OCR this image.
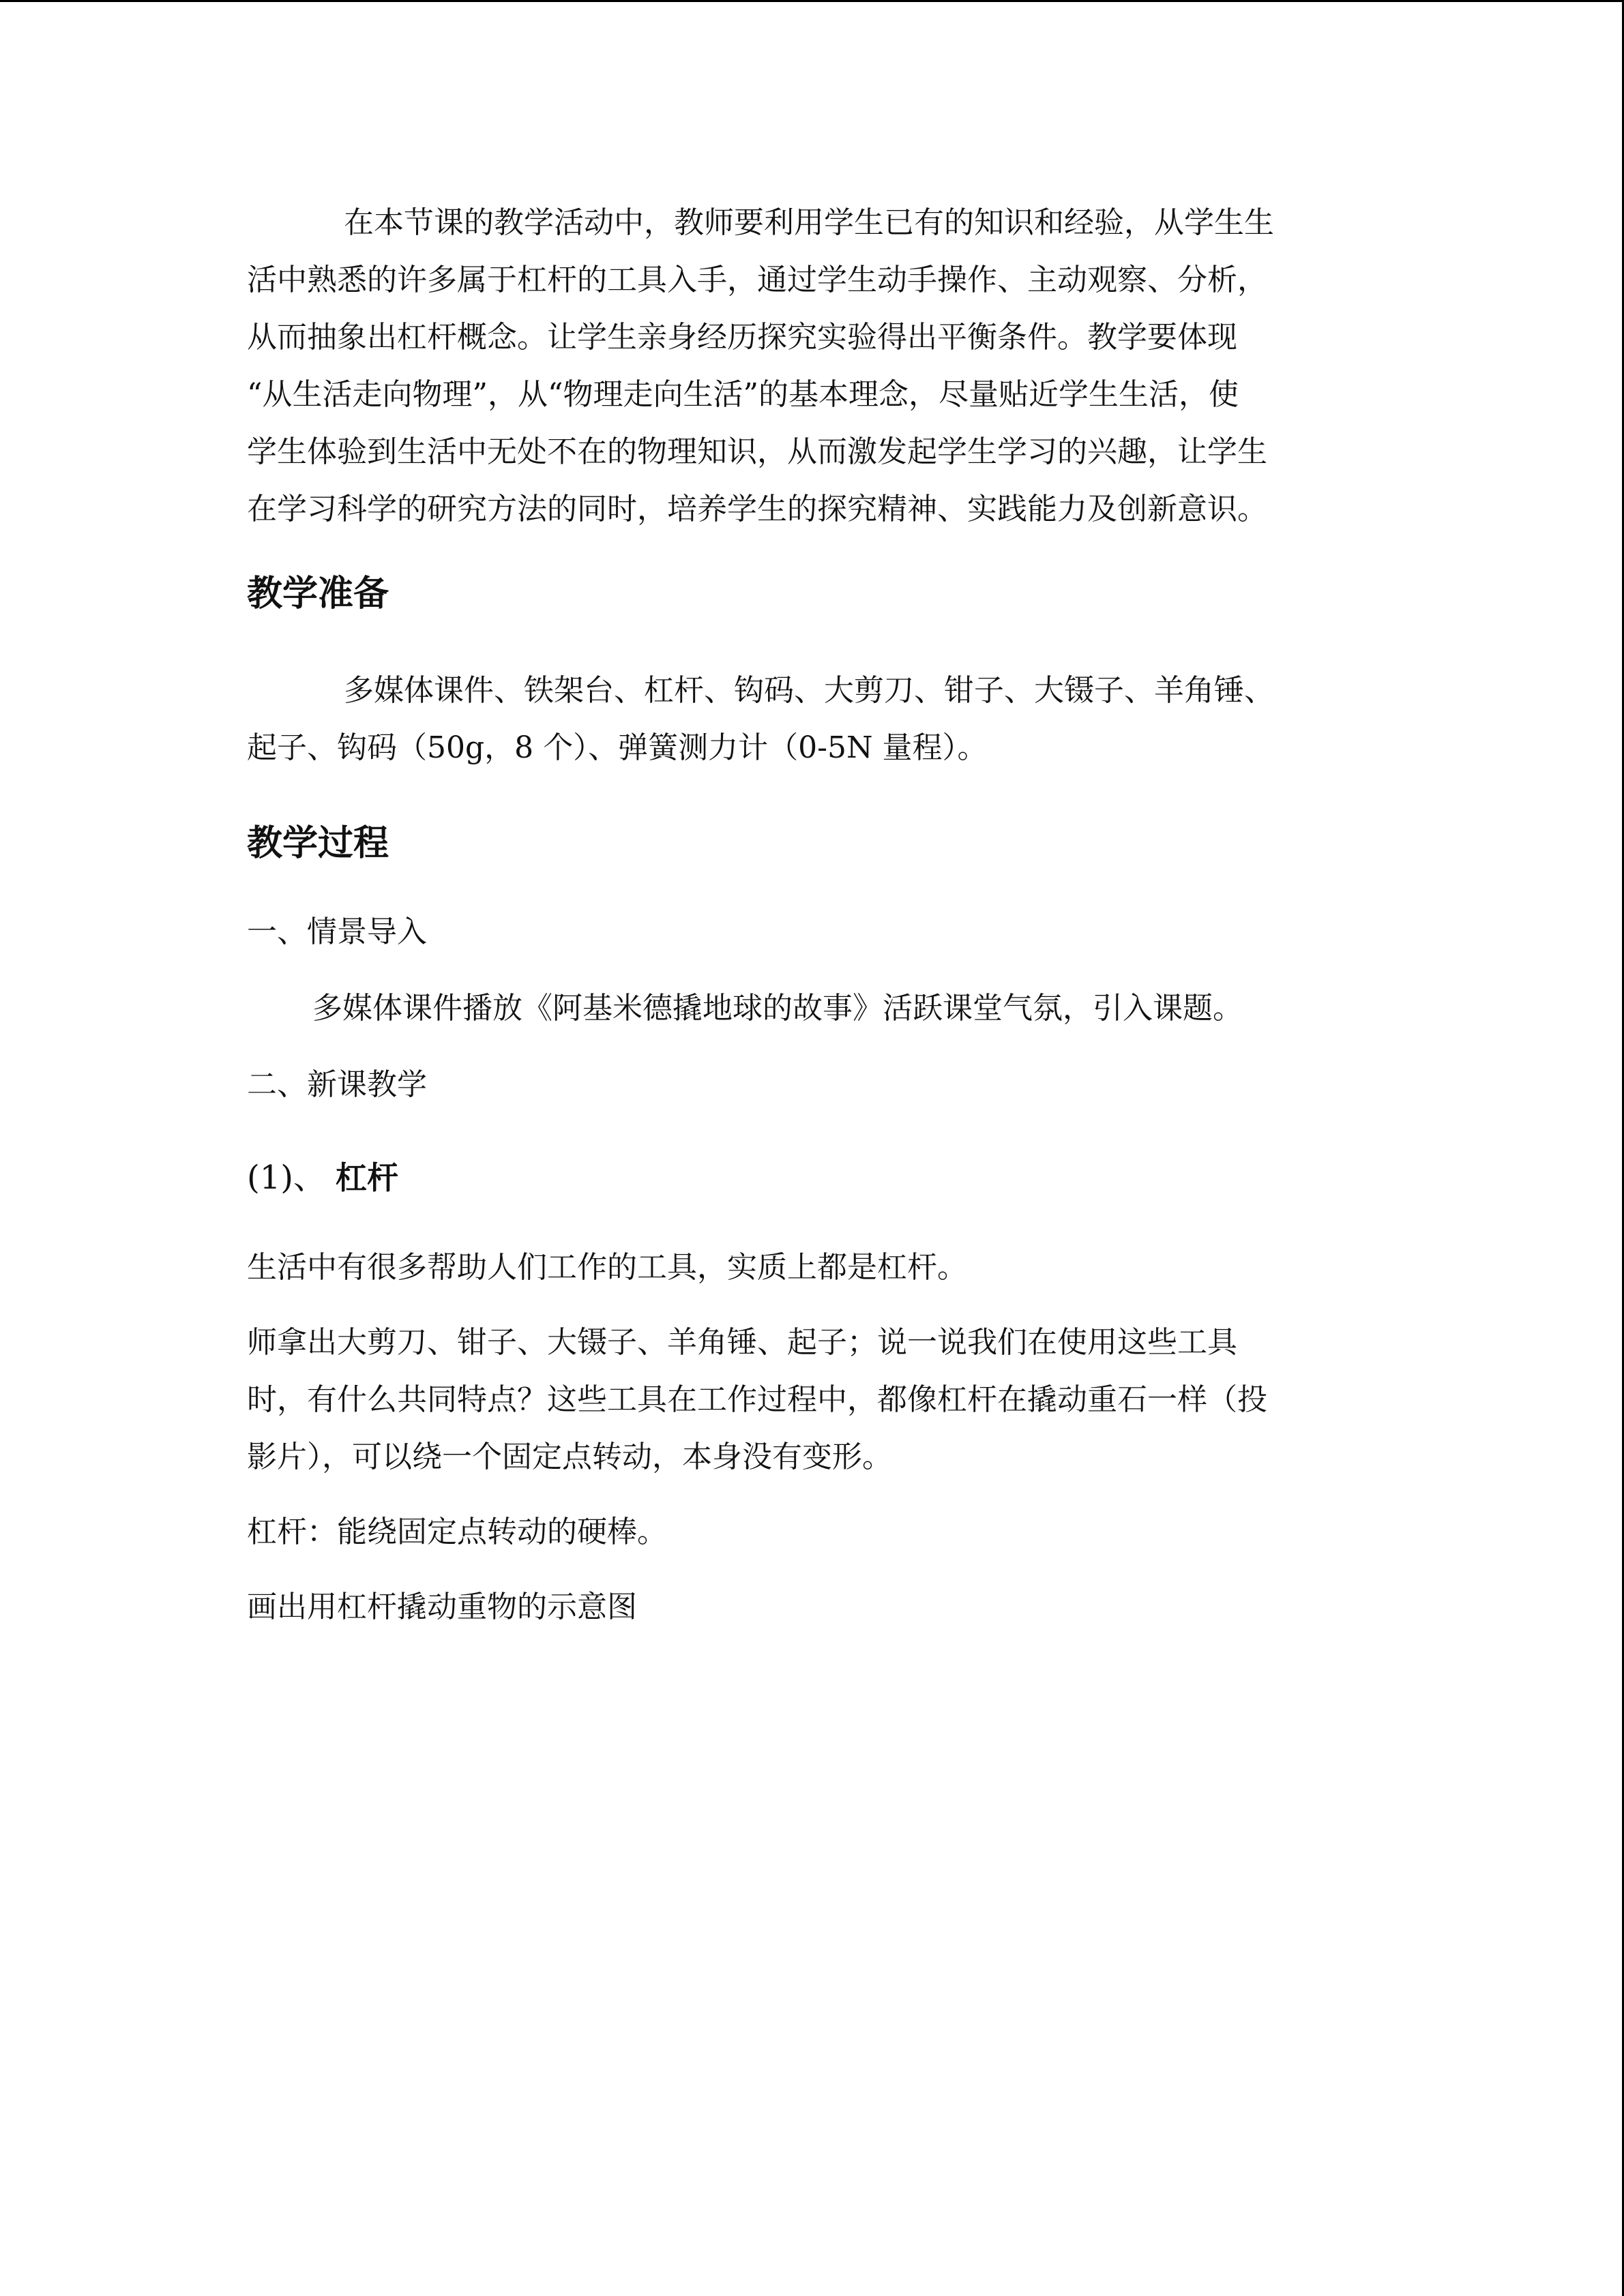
在本节课的教学活动中，教师要利用学生已有的知识和经验，从学生生

活中熟悉的许多属于杠杆的工具入手，通过学生动手操作、主动观察、分析，

从而抽象出杠杆概念。让学生亲身经历探究实验得出平衡条件。教学要体现

“从生活走向物理”，从“物理走向生活”的基本理念，尽量贴近学生生活，使

学生体验到生活中无处不在的物理知识，从而激发起学生学习的兴趣，让学生

在学习科学的研究方法的同时，培养学生的探究精神、实践能力及创新意识。

教学准备

多媒体课件、铁架台、杠杆、钩码、大剪刀、钳子、大镊子、羊角锤、

起子、钩码（50g，8 个）、弹簧测力计（0-5N 量程）。

教学过程

一、情景导入

多媒体课件播放《阿基米德撬地球的故事》活跃课堂气氛，引入课题。

二、新课教学

(1)、 杠杆

生活中有很多帮助人们工作的工具，实质上都是杠杆。

师拿出大剪刀、钳子、大镊子、羊角锤、起子；说一说我们在使用这些工具

时，有什么共同特点？这些工具在工作过程中，都像杠杆在撬动重石一样（投

影片），可以绕一个固定点转动，本身没有变形。

杠杆：能绕固定点转动的硬棒。

画出用杠杆撬动重物的示意图
